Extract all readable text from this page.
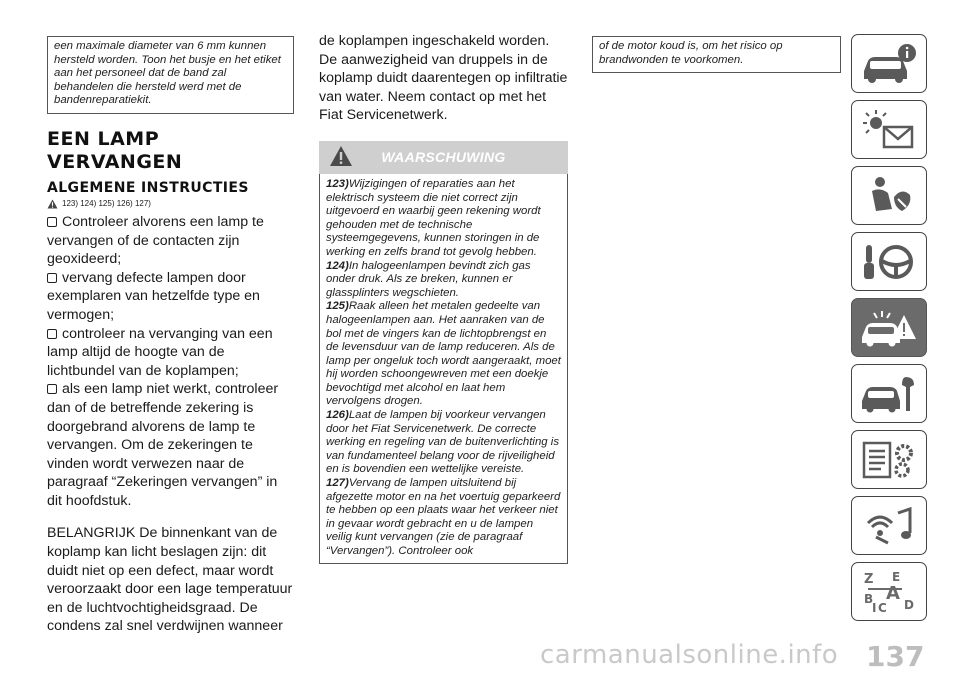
een maximale diameter van 6 mm kunnen hersteld worden. Toon het busje en het etiket aan het personeel dat de band zal behandelen die hersteld werd met de bandenreparatiekit.
EEN LAMP
VERVANGEN
ALGEMENE INSTRUCTIES
123) 124) 125) 126) 127)

Controleer alvorens een lamp te vervangen of de contacten zijn geoxideerd;

vervang defecte lampen door exemplaren van hetzelfde type en vermogen;

controleer na vervanging van een lamp altijd de hoogte van de lichtbundel van de koplampen;

als een lamp niet werkt, controleer dan of de betreffende zekering is doorgebrand alvorens de lamp te vervangen. Om de zekeringen te vinden wordt verwezen naar de paragraaf “Zekeringen vervangen” in dit hoofdstuk.

BELANGRIJK De binnenkant van de koplamp kan licht beslagen zijn: dit duidt niet op een defect, maar wordt veroorzaakt door een lage temperatuur en de luchtvochtigheidsgraad. De condens zal snel verdwijnen wanneer

de koplampen ingeschakeld worden. De aanwezigheid van druppels in de koplamp duidt daarentegen op infiltratie van water. Neem contact op met het Fiat Servicenetwerk.

WAARSCHUWING
123)Wijzigingen of reparaties aan het elektrisch systeem die niet correct zijn uitgevoerd en waarbij geen rekening wordt gehouden met de technische systeemgegevens, kunnen storingen in de werking en zelfs brand tot gevolg hebben.
124)In halogeenlampen bevindt zich gas onder druk. Als ze breken, kunnen er glassplinters wegschieten.
125)Raak alleen het metalen gedeelte van halogeenlampen aan. Het aanraken van de bol met de vingers kan de lichtopbrengst en de levensduur van de lamp reduceren. Als de lamp per ongeluk toch wordt aangeraakt, moet hij worden schoongewreven met een doekje bevochtigd met alcohol en laat hem vervolgens drogen.
126)Laat de lampen bij voorkeur vervangen door het Fiat Servicenetwerk. De correcte werking en regeling van de buitenverlichting is van fundamenteel belang voor de rijveiligheid en is bovendien een wettelijke vereiste.
127)Vervang de lampen uitsluitend bij afgezette motor en na het voertuig geparkeerd te hebben op een plaats waar het verkeer niet in gevaar wordt gebracht en u de lampen veilig kunt vervangen (zie de paragraaf “Vervangen”). Controleer ook
of de motor koud is, om het risico op brandwonden te voorkomen.
Z E
B A
I C D
carmanualsonline.info 137
